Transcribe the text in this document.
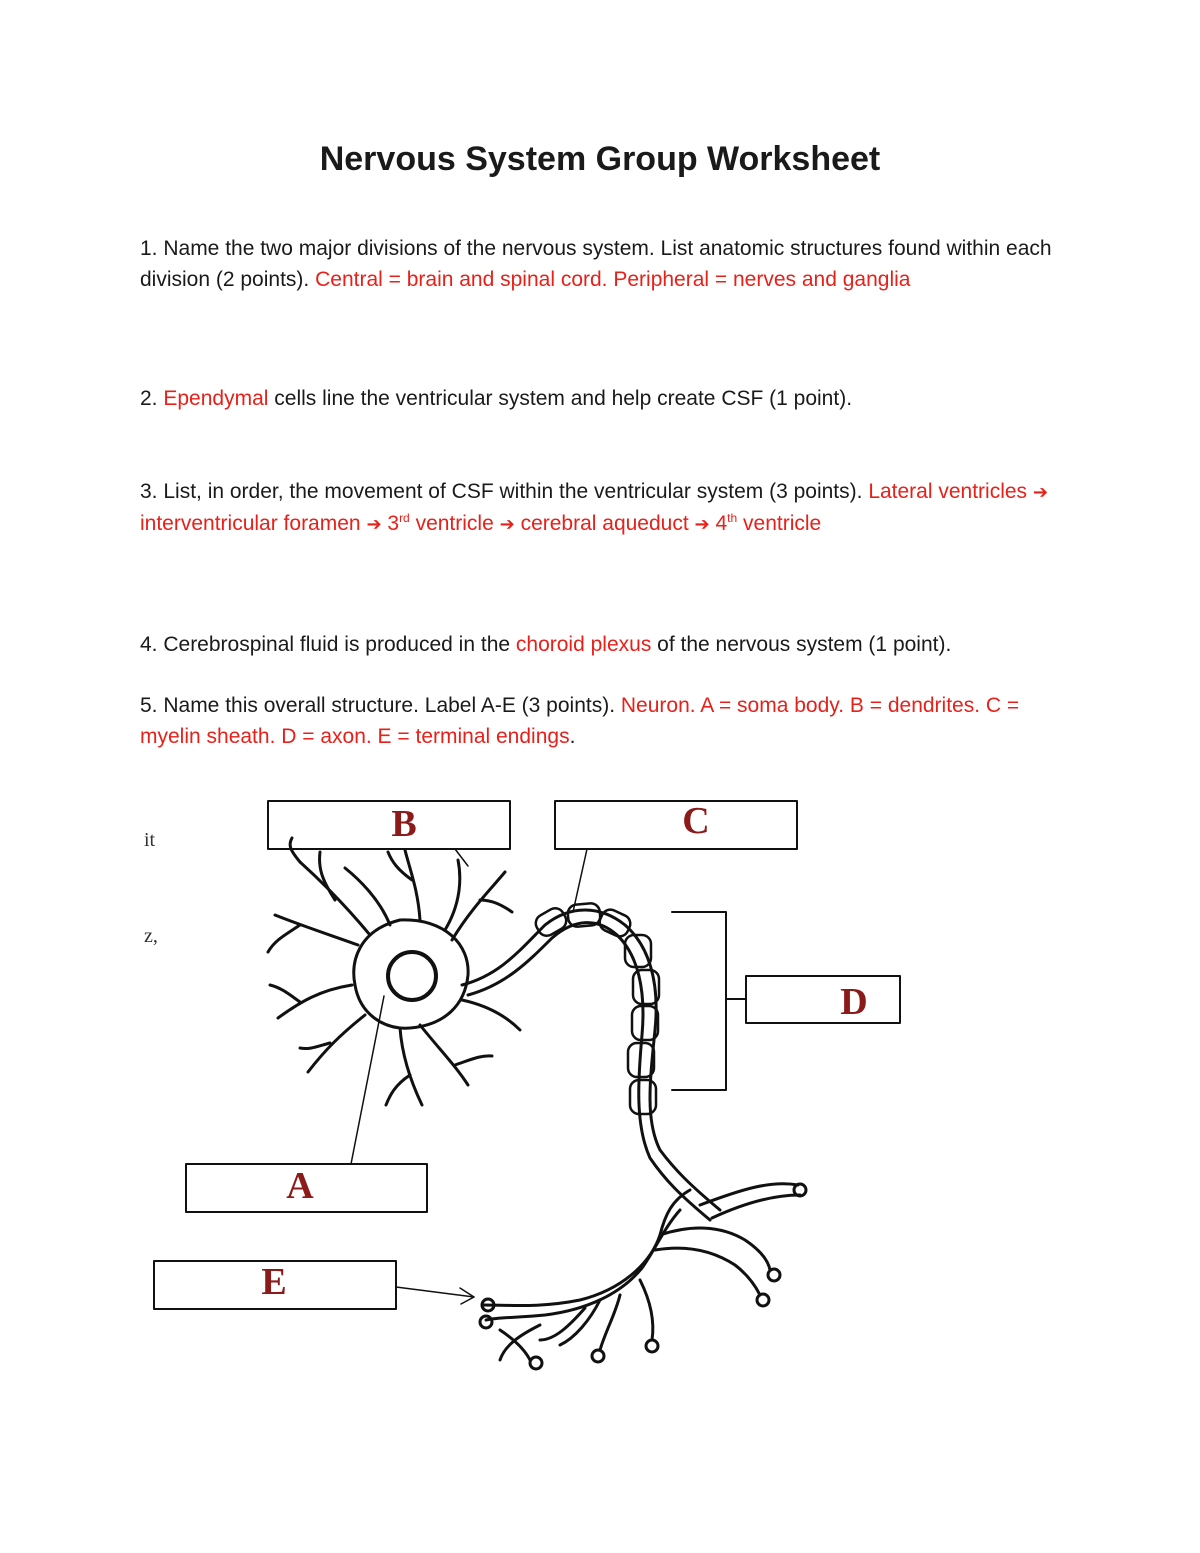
Nervous System Group Worksheet

1. Name the two major divisions of the nervous system. List anatomic structures found within each division (2 points). Central = brain and spinal cord. Peripheral = nerves and ganglia

2. Ependymal cells line the ventricular system and help create CSF (1 point).

3. List, in order, the movement of CSF within the ventricular system (3 points). Lateral ventricles ➔ interventricular foramen ➔ 3rd ventricle ➔ cerebral aqueduct ➔ 4th ventricle

4. Cerebrospinal fluid is produced in the choroid plexus of the nervous system (1 point).

5. Name this overall structure. Label A-E (3 points). Neuron. A = soma body. B = dendrites. C = myelin sheath. D = axon. E = terminal endings.

B	C
D
A
E
it
z,
